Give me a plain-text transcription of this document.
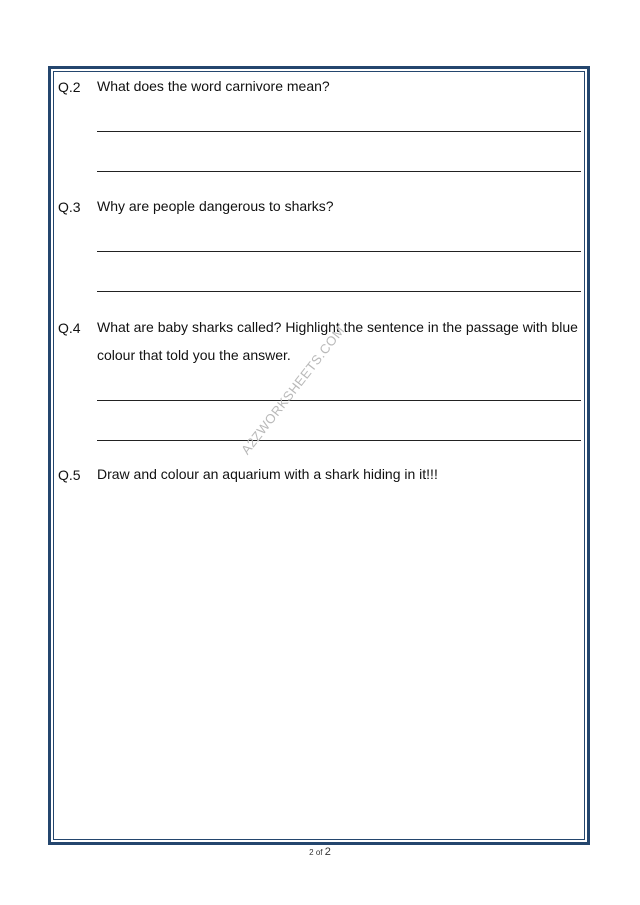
Q.2 What does the word carnivore mean?
Q.3 Why are people dangerous to sharks?
Q.4 What are baby sharks called? Highlight the sentence in the passage with blue colour that told you the answer.
Q.5 Draw and colour an aquarium with a shark hiding in it!!!
A2ZWORKSHEETS.COM
2 of 2
